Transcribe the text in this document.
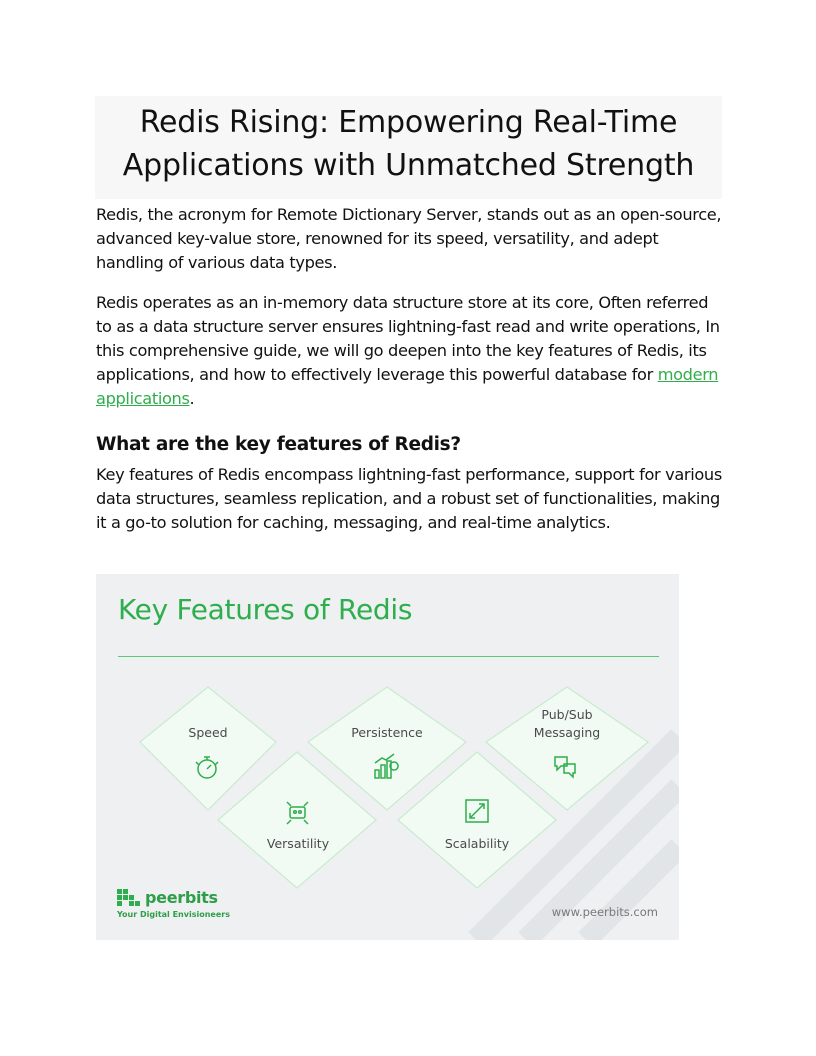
Redis Rising: Empowering Real-Time Applications with Unmatched Strength

Redis, the acronym for Remote Dictionary Server, stands out as an open-source, advanced key-value store, renowned for its speed, versatility, and adept handling of various data types.

Redis operates as an in-memory data structure store at its core, Often referred to as a data structure server ensures lightning-fast read and write operations, In this comprehensive guide, we will go deepen into the key features of Redis, its applications, and how to effectively leverage this powerful database for modern applications.

What are the key features of Redis?

Key features of Redis encompass lightning-fast performance, support for various data structures, seamless replication, and a robust set of functionalities, making it a go-to solution for caching, messaging, and real-time analytics.

Key Features of Redis
Speed	Persistence
Pub/Sub
Messaging
Versatility	Scalability
peerbits
Your Digital Envisioneers	www.peerbits.com
